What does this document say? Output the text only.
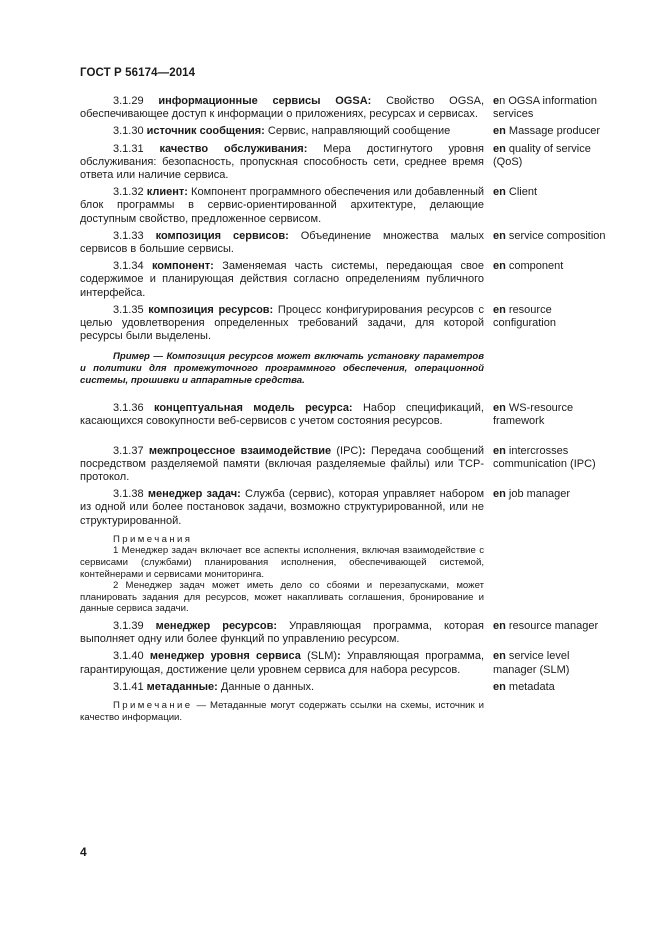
ГОСТ Р 56174—2014
3.1.29 информационные сервисы OGSA: Свойство OGSA, обеспечивающее доступ к информации о приложениях, ресурсах и сервисах.
en OGSA information services
3.1.30 источник сообщения: Сервис, направляющий сообщение	en Massage producer
3.1.31 качество обслуживания: Мера достигнутого уровня обслуживания: безопасность, пропускная способность сети, среднее время ответа или наличие сервиса.
en quality of service (QoS)
3.1.32 клиент: Компонент программного обеспечения или добавленный блок программы в сервис-ориентированной архитектуре, делающие доступным свойство, предложенное сервисом.
en Client
3.1.33 композиция сервисов: Объединение множества малых сервисов в большие сервисы.
en service composition
3.1.34 компонент: Заменяемая часть системы, передающая свое содержимое и планирующая действия согласно определениям публичного интерфейса.
en component
3.1.35 композиция ресурсов: Процесс конфигурирования ресурсов с целью удовлетворения определенных требований задачи, для которой ресурсы были выделены.
en resource configuration
Пример — Композиция ресурсов может включать установку параметров и политики для промежуточного программного обеспечения, операционной системы, прошивки и аппаратные средства.
3.1.36 концептуальная модель ресурса: Набор спецификаций, касающихся совокупности веб-сервисов с учетом состояния ресурсов.
en WS-resource framework
3.1.37 межпроцессное взаимодействие (IPC): Передача сообщений посредством разделяемой памяти (включая разделяемые файлы) или TCP-протокол.
en intercrosses communication (IPC)
3.1.38 менеджер задач: Служба (сервис), которая управляет набором из одной или более постановок задачи, возможно структурированной, или не структурированной.
en job manager
Примечания
1 Менеджер задач включает все аспекты исполнения, включая взаимодействие с сервисами (службами) планирования исполнения, обеспечивающей системой, контейнерами и сервисами мониторинга.
2 Менеджер задач может иметь дело со сбоями и перезапусками, может планировать задания для ресурсов, может накапливать соглашения, бронирование и данные сервиса задачи.
3.1.39 менеджер ресурсов: Управляющая программа, которая выполняет одну или более функций по управлению ресурсом.
en resource manager
3.1.40 менеджер уровня сервиса (SLM): Управляющая программа, гарантирующая, достижение цели уровнем сервиса для набора ресурсов.
en service level manager (SLM)
3.1.41 метаданные: Данные о данных.	en metadata
Примечание — Метаданные могут содержать ссылки на схемы, источник и качество информации.
4
